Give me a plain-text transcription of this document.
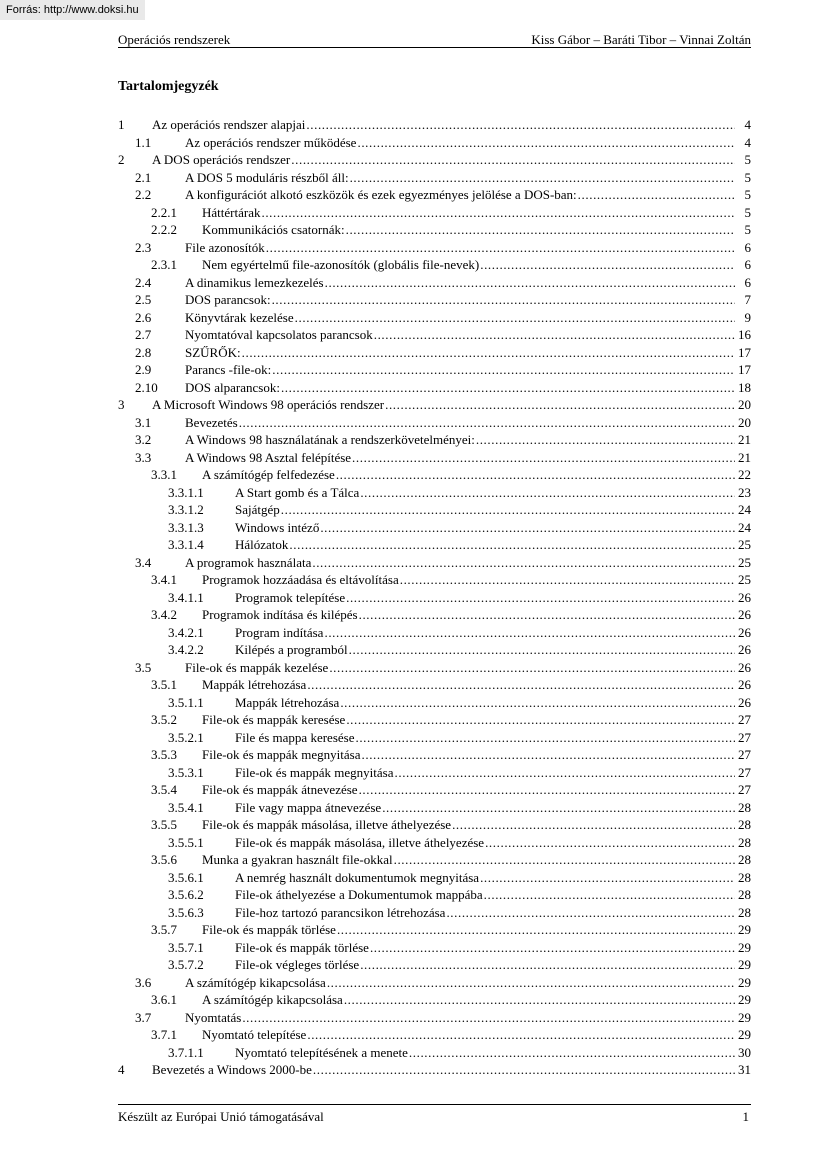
Forrás: http://www.doksi.hu
Operációs rendszerek	Kiss Gábor – Baráti Tibor – Vinnai Zoltán
Tartalomjegyzék
1 Az operációs rendszer alapjai .....	4
1.1	Az operációs rendszer működése .....	4
2 A DOS operációs rendszer .....	5
2.1	A DOS 5 moduláris részből áll: .....	5
2.2	A konfigurációt alkotó eszközök és ezek egyezményes jelölése a DOS-ban: .....	5
2.2.1 Háttértárak .....	5
2.2.2 Kommunikációs csatornák: .....	5
2.3	File azonosítók .....	6
2.3.1 Nem egyértelmű file-azonosítók (globális file-nevek) .....	6
2.4	A dinamikus lemezkezelés .....	6
2.5	DOS parancsok: .....	7
2.6	Könyvtárak kezelése .....	9
2.7	Nyomtatóval kapcsolatos parancsok .....	16
2.8	SZŰRŐK: .....	17
2.9	Parancs -file-ok: .....	17
2.10 DOS alparancsok: .....	18
3 A Microsoft Windows 98 operációs rendszer .....	20
3.1	Bevezetés .....	20
3.2	A Windows 98 használatának a rendszerkövetelményei: .....	21
3.3	A Windows 98 Asztal felépítése .....	21
3.3.1 A számítógép felfedezése .....	22
3.3.1.1 A Start gomb és a Tálca .....	23
3.3.1.2 Sajátgép .....	24
3.3.1.3 Windows intéző .....	24
3.3.1.4 Hálózatok .....	25
3.4	A programok használata .....	25
3.4.1 Programok hozzáadása és eltávolítása .....	25
3.4.1.1 Programok telepítése .....	26
3.4.2 Programok indítása és kilépés .....	26
3.4.2.1 Program indítása .....	26
3.4.2.2 Kilépés a programból .....	26
3.5	File-ok és mappák kezelése .....	26
3.5.1 Mappák létrehozása .....	26
3.5.1.1 Mappák létrehozása .....	26
3.5.2 File-ok és mappák keresése .....	27
3.5.2.1 File és mappa keresése .....	27
3.5.3 File-ok és mappák megnyitása .....	27
3.5.3.1 File-ok és mappák megnyitása .....	27
3.5.4 File-ok és mappák átnevezése .....	27
3.5.4.1 File vagy mappa átnevezése .....	28
3.5.5 File-ok és mappák másolása, illetve áthelyezése .....	28
3.5.5.1 File-ok és mappák másolása, illetve áthelyezése .....	28
3.5.6 Munka a gyakran használt file-okkal .....	28
3.5.6.1 A nemrég használt dokumentumok megnyitása .....	28
3.5.6.2 File-ok áthelyezése a Dokumentumok mappába .....	28
3.5.6.3 File-hoz tartozó parancsikon létrehozása .....	28
3.5.7 File-ok és mappák törlése .....	29
3.5.7.1 File-ok és mappák törlése .....	29
3.5.7.2 File-ok végleges törlése .....	29
3.6	A számítógép kikapcsolása .....	29
3.6.1 A számítógép kikapcsolása .....	29
3.7	Nyomtatás .....	29
3.7.1 Nyomtató telepítése .....	29
3.7.1.1 Nyomtató telepítésének a menete .....	30
4 Bevezetés a Windows 2000-be .....	31
Készült az Európai Unió támogatásával	1
